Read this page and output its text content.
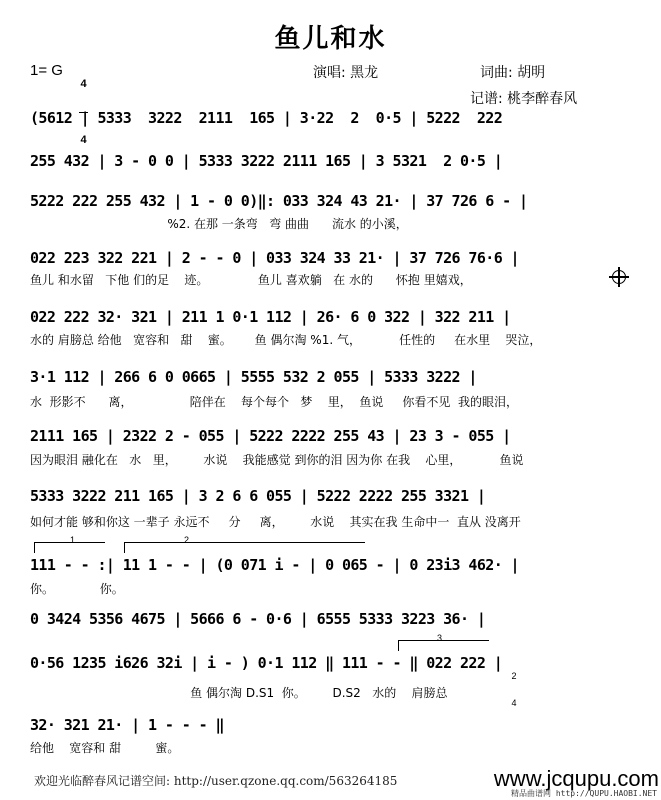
鱼儿和水
1= G

4

4

演唱: 黑龙	词曲: 胡明
记谱: 桃李醉春风
(5612 | 5333  3222  2111  165 | 3·22  2  0·5 | 5222  222
255 432 | 3 - 0 0 | 5333 3222 2111 165 | 3 5321  2 0·5 |
5222 222 255 432 | 1 - 0 0)‖: 033 324 43 21· | 37 726 6 - |
%2. 在那 一条弯   弯 曲曲      流水 的小溪，
022 223 322 221 | 2 - - 0 | 033 324 33 21· | 37 726 76·6 |
鱼儿 和水留   下他 们的足    迹。             鱼儿 喜欢躺   在 水的      怀抱 里嬉戏，
022 222 32· 321 | 211 1 0·1 112 | 26· 6 0 322 | 322 211 |
水的 肩膀总 给他   宽容和   甜    蜜。      鱼 偶尔淘 %1. 气，          任性的     在水里    哭泣，
3·1 112 | 266 6 0 0665 | 5555 532 2 055 | 5333 3222 |
水  形影不      离，               陪伴在    每个每个   梦    里，  鱼说     你看不见  我的眼泪，
2111 165 | 2322 2 - 055 | 5222 2222 255 43 | 23 3 - 055 |
因为眼泪 融化在   水   里，       水说    我能感觉 到你的泪 因为你 在我    心里，          鱼说
5333 3222 211 165 | 3 2 6 6 055 | 5222 2222 255 3321 |
如何才能 够和你这 一辈子 永远不     分     离，       水说    其实在我 生命中一  直从 没离开
1	2
111 - - :| 11 1 - - | (0 071 i - | 0 065 - | 0 23i3 462· |
你。            你。
0 3424 5356 4675 | 5666 6 - 0·6 | 6555 5333 3223 36· |
3
0·56 1235 i626 32i | i - ) 0·1 112 ‖ 111 - - ‖ 022 222 |

2

4

鱼 偶尔淘 D.S1  你。       D.S2   水的    肩膀总
32· 321 21· | 1 - - - ‖
给他    宽容和 甜         蜜。
欢迎光临醉春风记谱空间: http://user.qzone.qq.com/563264185	www.jcqupu.com
精品曲谱网 http://QUPU.HAOBI.NET
